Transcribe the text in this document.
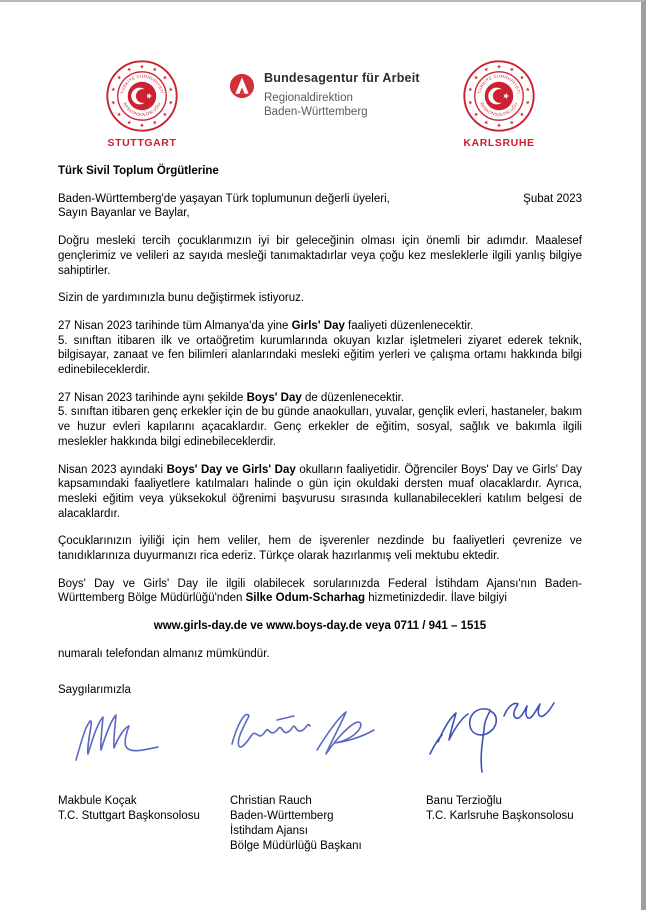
STUTTGART
Bundesagentur für Arbeit
Regionaldirektion
Baden-Württemberg
KARLSRUHE

Türk Sivil Toplum Örgütlerine

Baden-Württemberg'de yaşayan Türk toplumunun değerli üyeleri,	Şubat 2023
Sayın Bayanlar ve Baylar,

Doğru mesleki tercih çocuklarımızın iyi bir geleceğinin olması için önemli bir adımdır. Maalesef gençlerimiz ve velileri az sayıda mesleği tanımaktadırlar veya çoğu kez mesleklerle ilgili yanlış bilgiye sahiptirler.

Sizin de yardımınızla bunu değiştirmek istiyoruz.

27 Nisan 2023 tarihinde tüm Almanya'da yine Girls' Day faaliyeti düzenlenecektir.
5. sınıftan itibaren ilk ve ortaöğretim kurumlarında okuyan kızlar işletmeleri ziyaret ederek teknik, bilgisayar, zanaat ve fen bilimleri alanlarındaki mesleki eğitim yerleri ve çalışma ortamı hakkında bilgi edinebileceklerdir.
27 Nisan 2023 tarihinde aynı şekilde Boys' Day de düzenlenecektir.
5. sınıftan itibaren genç erkekler için de bu günde anaokulları, yuvalar, gençlik evleri, hastaneler, bakım ve huzur evleri kapılarını açacaklardır. Genç erkekler de eğitim, sosyal, sağlık ve bakımla ilgili meslekler hakkında bilgi edinebileceklerdir.

Nisan 2023 ayındaki Boys' Day ve Girls' Day okulların faaliyetidir. Öğrenciler Boys' Day ve Girls' Day kapsamındaki faaliyetlere katılmaları halinde o gün için okuldaki dersten muaf olacaklardır. Ayrıca, mesleki eğitim veya yüksekokul öğrenimi başvurusu sırasında kullanabilecekleri katılım belgesi de alacaklardır.

Çocuklarınızın iyiliği için hem veliler, hem de işverenler nezdinde bu faaliyetleri çevrenize ve tanıdıklarınıza duyurmanızı rica ederiz. Türkçe olarak hazırlanmış veli mektubu ektedir.

Boys' Day ve Girls' Day ile ilgili olabilecek sorularınızda Federal İstihdam Ajansı'nın Baden-Württemberg Bölge Müdürlüğü'nden Silke Odum-Scharhag hizmetinizdedir. İlave bilgiyi

www.girls-day.de ve www.boys-day.de veya 0711 / 941 – 1515

numaralı telefondan almanız mümkündür.

Saygılarımızla

Makbule Koçak
T.C. Stuttgart Başkonsolosu
Christian Rauch
Baden-Württemberg
İstihdam Ajansı
Bölge Müdürlüğü Başkanı
Banu Terzioğlu
T.C. Karlsruhe Başkonsolosu
